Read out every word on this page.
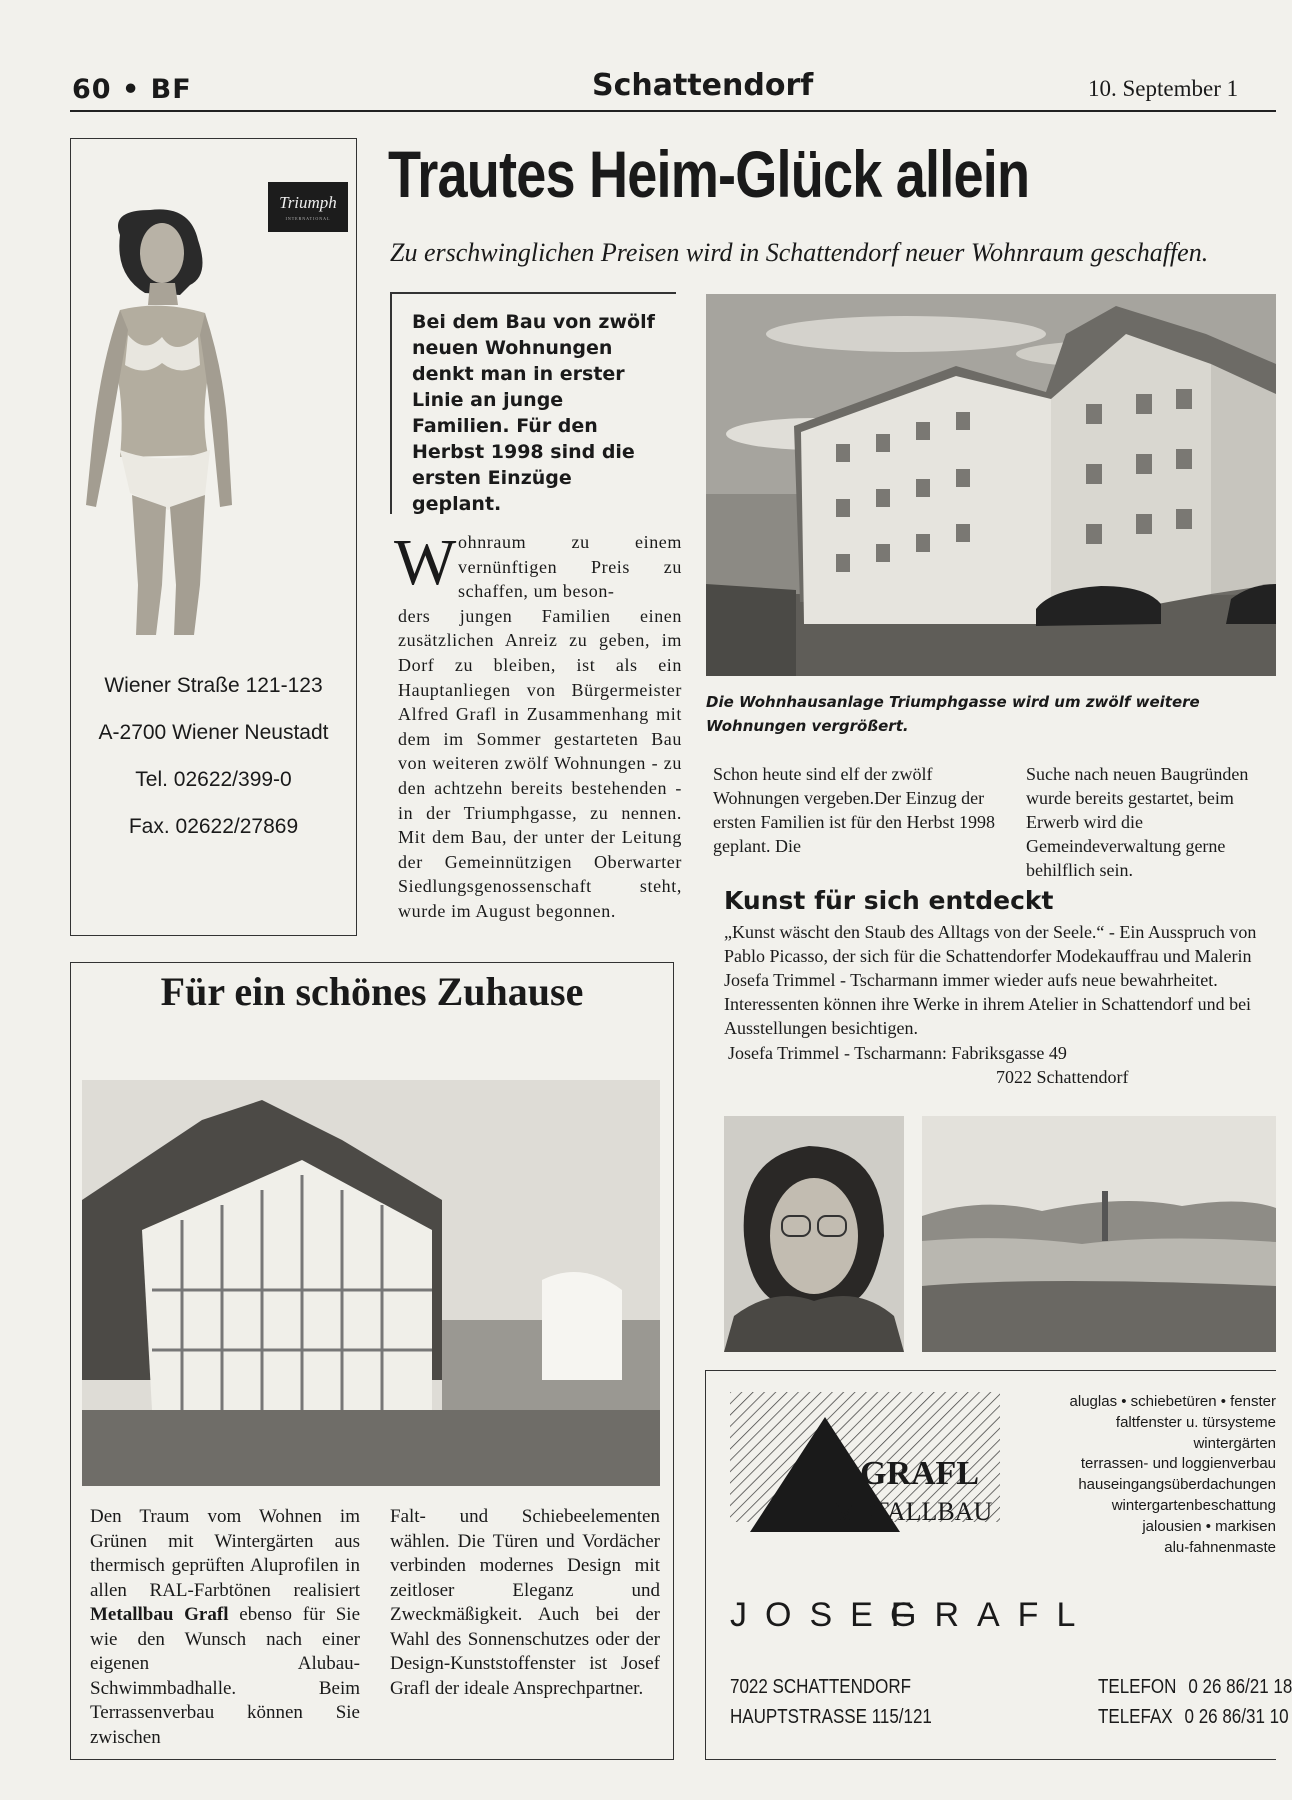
60 • BF	Schattendorf	10. September 1
Triumph
INTERNATIONAL
Wiener Straße 121-123
A-2700 Wiener Neustadt
Tel. 02622/399-0
Fax. 02622/27869
Trautes Heim-Glück allein
Zu erschwinglichen Preisen wird in Schattendorf neuer Wohnraum geschaffen.
Bei dem Bau von zwölf neuen Wohnungen denkt man in erster Linie an junge Familien. Für den Herbst 1998 sind die ersten Einzüge geplant.
W ohnraum zu einem vernünftigen Preis zu schaffen, um beson-
ders jungen Familien einen zusätzlichen Anreiz zu geben, im Dorf zu bleiben, ist als ein Hauptanliegen von Bürgermeister Alfred Grafl in Zusammenhang mit dem im Sommer gestarteten Bau von weiteren zwölf Wohnungen - zu den achtzehn bereits bestehenden - in der Triumphgasse, zu nennen. Mit dem Bau, der unter der Leitung der Gemeinnützigen Oberwarter Siedlungsgenossenschaft steht, wurde im August begonnen.
Die Wohnhausanlage Triumphgasse wird um zwölf weitere Wohnungen vergrößert.
Schon heute sind elf der zwölf Wohnungen vergeben.Der Einzug der ersten Familien ist für den Herbst 1998 geplant. Die
Suche nach neuen Baugründen wurde bereits gestartet, beim Erwerb wird die Gemeindeverwaltung gerne behilflich sein.
Kunst für sich entdeckt
„Kunst wäscht den Staub des Alltags von der Seele.“ - Ein Ausspruch von Pablo Picasso, der sich für die Schattendorfer Modekauffrau und Malerin Josefa Trimmel - Tscharmann immer wieder aufs neue bewahrheitet. Interessenten können ihre Werke in ihrem Atelier in Schattendorf und bei Ausstellungen besichtigen.
Josefa Trimmel - Tscharmann: Fabriksgasse 49
7022 Schattendorf
Für ein schönes Zuhause
Den Traum vom Wohnen im Grünen mit Wintergärten aus thermisch geprüften Aluprofilen in allen RAL-Farbtönen realisiert Metallbau Grafl ebenso für Sie wie den Wunsch nach einer eigenen Alubau-Schwimmbadhalle. Beim Terrassenverbau können Sie zwischen
Falt- und Schiebeelementen wählen. Die Türen und Vordächer verbinden modernes Design mit zeitloser Eleganz und Zweckmäßigkeit. Auch bei der Wahl des Sonnenschutzes oder der Design-Kunststoffenster ist Josef Grafl der ideale Ansprechpartner.
GRAFL
METALLBAU
aluglas • schiebetüren • fenster
faltfenster u. türsysteme
wintergärten
terrassen- und loggienverbau
hauseingangsüberdachungen
wintergartenbeschattung
jalousien • markisen
alu-fahnenmaste
JOSEF
GRAFL
7022 SCHATTENDORF
HAUPTSTRASSE 115/121
TELEFON 0 26 86/21 18
TELEFAX 0 26 86/31 10
